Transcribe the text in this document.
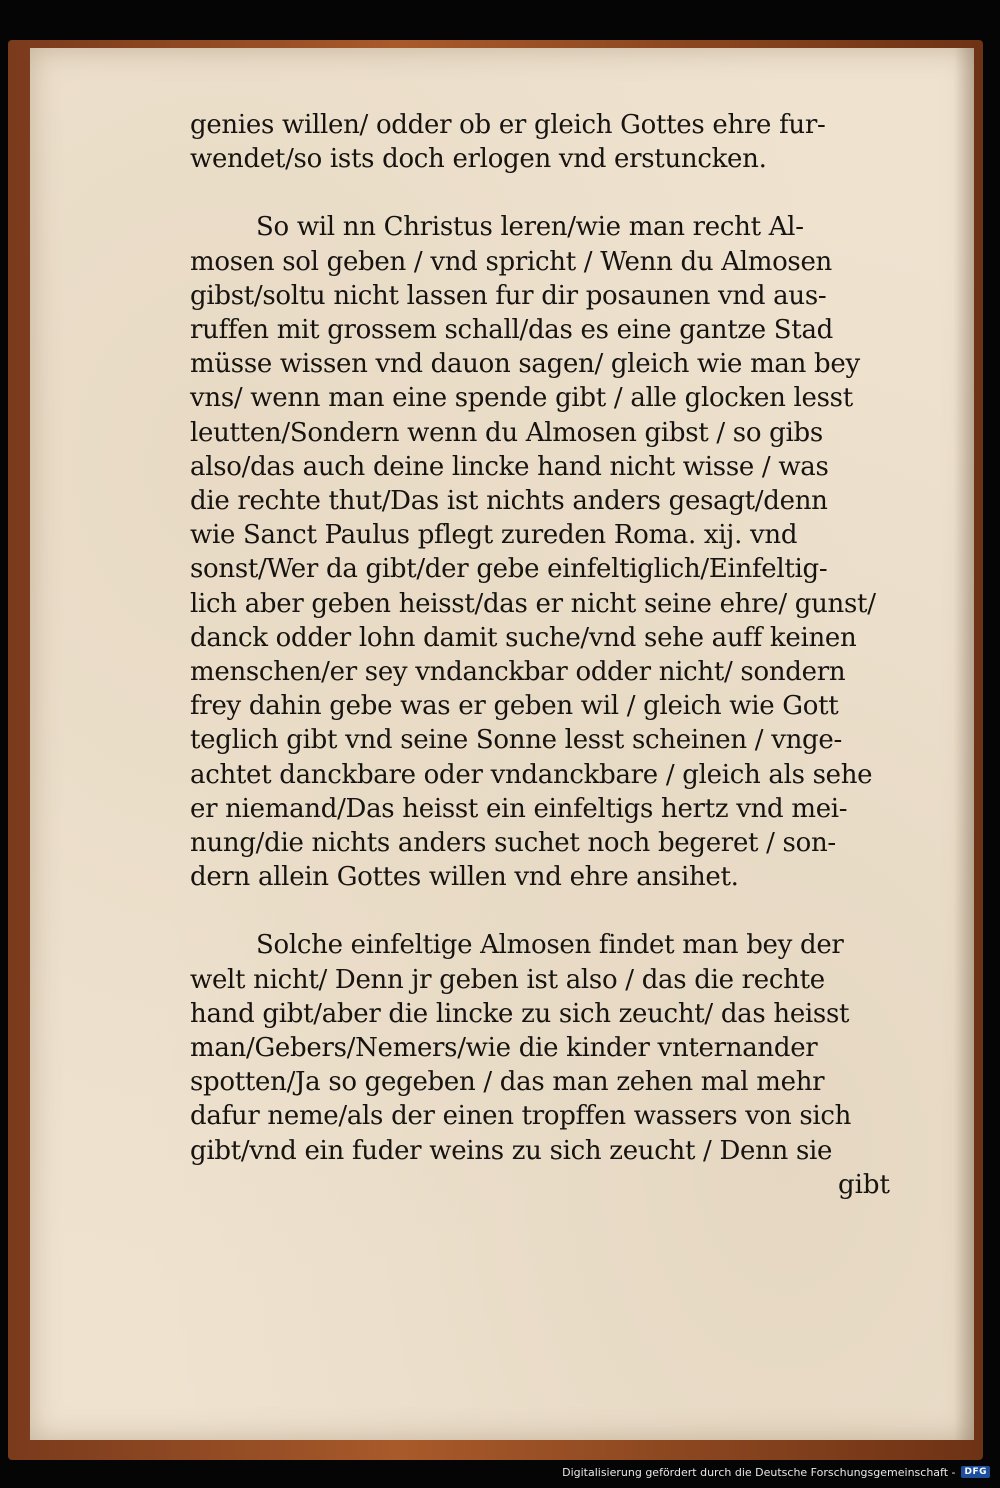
genies willen/ odder ob er gleich Gottes ehre fur-
wendet/so ists doch erlogen vnd erstuncken.
So wil nn Christus leren/wie man recht Al-
mosen sol geben / vnd spricht / Wenn du Almosen
gibst/soltu nicht lassen fur dir posaunen vnd aus-
ruffen mit grossem schall/das es eine gantze Stad
müsse wissen vnd dauon sagen/ gleich wie man bey
vns/ wenn man eine spende gibt / alle glocken lesst
leutten/Sondern wenn du Almosen gibst / so gibs
also/das auch deine lincke hand nicht wisse / was
die rechte thut/Das ist nichts anders gesagt/denn
wie Sanct Paulus pflegt zureden Roma. xij. vnd
sonst/Wer da gibt/der gebe einfeltiglich/Einfeltig-
lich aber geben heisst/das er nicht seine ehre/ gunst/
danck odder lohn damit suche/vnd sehe auff keinen
menschen/er sey vndanckbar odder nicht/ sondern
frey dahin gebe was er geben wil / gleich wie Gott
teglich gibt vnd seine Sonne lesst scheinen / vnge-
achtet danckbare oder vndanckbare / gleich als sehe
er niemand/Das heisst ein einfeltigs hertz vnd mei-
nung/die nichts anders suchet noch begeret / son-
dern allein Gottes willen vnd ehre ansihet.
Solche einfeltige Almosen findet man bey der
welt nicht/ Denn jr geben ist also / das die rechte
hand gibt/aber die lincke zu sich zeucht/ das heisst
man/Gebers/Nemers/wie die kinder vnternander
spotten/Ja so gegeben / das man zehen mal mehr
dafur neme/als der einen tropffen wassers von sich
gibt/vnd ein fuder weins zu sich zeucht / Denn sie
gibt
Digitalisierung gefördert durch die Deutsche Forschungsgemeinschaft -	DFG
